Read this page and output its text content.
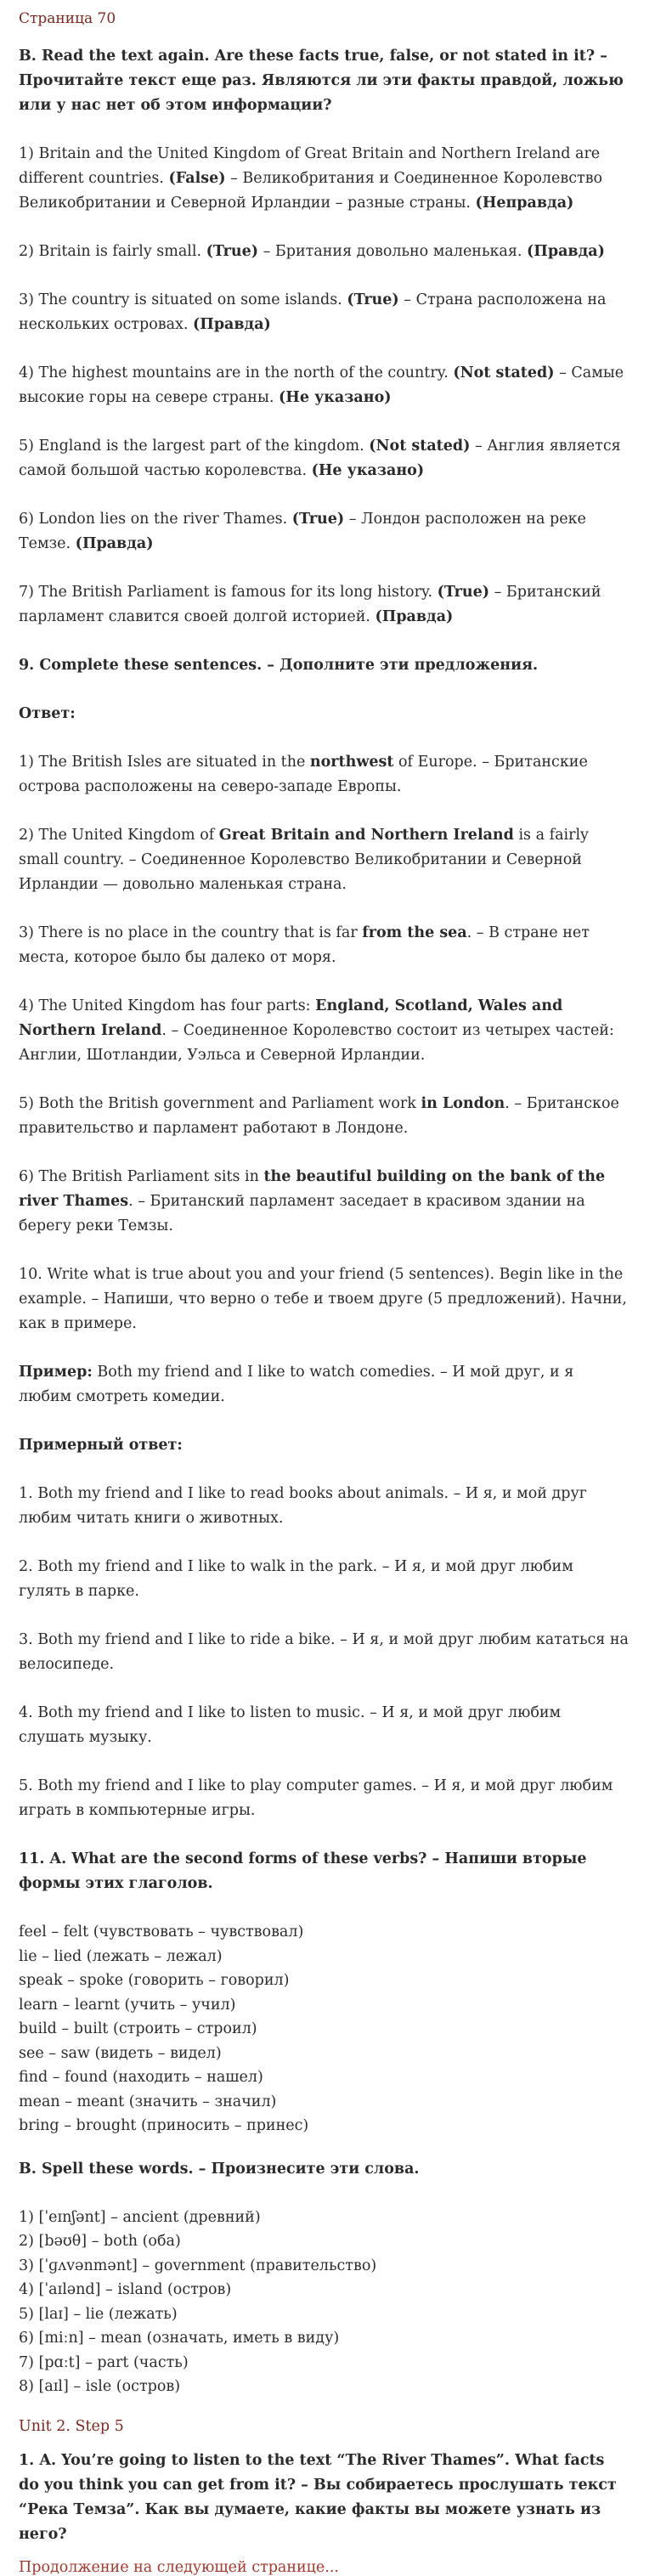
Страница 70

B. Read the text again. Are these facts true, false, or not stated in it? – Прочитайте текст еще раз. Являются ли эти факты правдой, ложью или у нас нет об этом информации?

1) Britain and the United Kingdom of Great Britain and Northern Ireland are different countries. (False) – Великобритания и Соединенное Королевство Великобритании и Северной Ирландии – разные страны. (Неправда)

2) Britain is fairly small. (True) – Британия довольно маленькая. (Правда)

3) The country is situated on some islands. (True) – Страна расположена на нескольких островах. (Правда)

4) The highest mountains are in the north of the country. (Not stated) – Самые высокие горы на севере страны. (Не указано)

5) England is the largest part of the kingdom. (Not stated) – Англия является самой большой частью королевства. (Не указано)

6) London lies on the river Thames. (True) – Лондон расположен на реке Темзе. (Правда)

7) The British Parliament is famous for its long history. (True) – Британский парламент славится своей долгой историей. (Правда)

9. Complete these sentences. – Дополните эти предложения.

Ответ:

1) The British Isles are situated in the northwest of Europe. – Британские острова расположены на северо-западе Европы.

2) The United Kingdom of Great Britain and Northern Ireland is a fairly small country. – Соединенное Королевство Великобритании и Северной Ирландии — довольно маленькая страна.

3) There is no place in the country that is far from the sea. – В стране нет места, которое было бы далеко от моря.

4) The United Kingdom has four parts: England, Scotland, Wales and Northern Ireland. – Соединенное Королевство состоит из четырех частей: Англии, Шотландии, Уэльса и Северной Ирландии.

5) Both the British government and Parliament work in London. – Британское правительство и парламент работают в Лондоне.

6) The British Parliament sits in the beautiful building on the bank of the river Thames. – Британский парламент заседает в красивом здании на берегу реки Темзы.

10. Write what is true about you and your friend (5 sentences). Begin like in the example. – Напиши, что верно о тебе и твоем друге (5 предложений). Начни, как в примере.

Пример: Both my friend and I like to watch comedies. – И мой друг, и я любим смотреть комедии.

Примерный ответ:

1. Both my friend and I like to read books about animals. – И я, и мой друг любим читать книги о животных.

2. Both my friend and I like to walk in the park. – И я, и мой друг любим гулять в парке.

3. Both my friend and I like to ride a bike. – И я, и мой друг любим кататься на велосипеде.

4. Both my friend and I like to listen to music. – И я, и мой друг любим слушать музыку.

5. Both my friend and I like to play computer games. – И я, и мой друг любим играть в компьютерные игры.

11. A. What are the second forms of these verbs? – Напиши вторые формы этих глаголов.

feel – felt (чувствовать – чувствовал)

lie – lied (лежать – лежал)

speak – spoke (говорить – говорил)

learn – learnt (учить – учил)

build – built (строить – строил)

see – saw (видеть – видел)

find – found (находить – нашел)

mean – meant (значить – значил)

bring – brought (приносить – принес)

B. Spell these words. – Произнесите эти слова.

1) [ˈeɪnʃənt] – ancient (древний)

2) [bəʊθ] – both (оба)

3) [ˈɡʌvənmənt] – government (правительство)

4) [ˈaɪlənd] – island (остров)

5) [laɪ] – lie (лежать)

6) [miːn] – mean (означать, иметь в виду)

7) [pɑːt] – part (часть)

8) [aɪl] – isle (остров)

Unit 2. Step 5

1. A. You’re going to listen to the text “The River Thames”. What facts do you think you can get from it? – Вы собираетесь прослушать текст “Река Темза”. Как вы думаете, какие факты вы можете узнать из него?

Продолжение на следующей странице...
